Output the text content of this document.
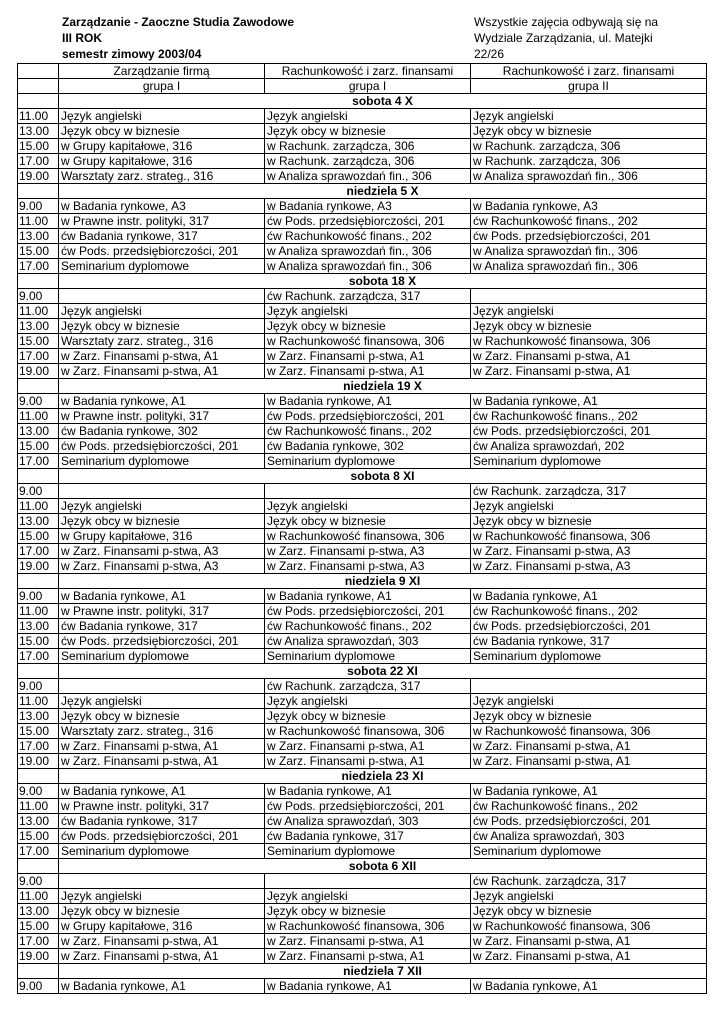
Zarządzanie - Zaoczne Studia Zawodowe
III ROK
semestr zimowy 2003/04
Wszystkie zajęcia odbywają się na
Wydziale Zarządzania, ul. Matejki
22/26
	Zarządzanie firmą	Rachunkowość i zarz. finansami	Rachunkowość i zarz. finansami
	grupa I	grupa I	grupa II
	sobota 4 X		
11.00	Język angielski	Język angielski	Język angielski
13.00	Język obcy w biznesie	Język obcy w biznesie	Język obcy w biznesie
15.00	w Grupy kapitałowe, 316	w Rachunk. zarządcza, 306	w Rachunk. zarządcza, 306
17.00	w Grupy kapitałowe, 316	w Rachunk. zarządcza, 306	w Rachunk. zarządcza, 306
19.00	Warsztaty zarz. strateg., 316	w Analiza sprawozdań fin., 306	w Analiza sprawozdań fin., 306
	niedziela 5 X		
9.00	w Badania rynkowe, A3	w Badania rynkowe, A3	w Badania rynkowe, A3
11.00	w Prawne instr. polityki, 317	ćw Pods. przedsiębiorczości, 201	ćw Rachunkowość finans., 202
13.00	ćw Badania rynkowe, 317	ćw Rachunkowość finans., 202	ćw Pods. przedsiębiorczości, 201
15.00	ćw Pods. przedsiębiorczości, 201	w Analiza sprawozdań fin., 306	w Analiza sprawozdań fin., 306
17.00	Seminarium dyplomowe	w Analiza sprawozdań fin., 306	w Analiza sprawozdań fin., 306
	sobota 18 X		
9.00		ćw Rachunk. zarządcza, 317	
11.00	Język angielski	Język angielski	Język angielski
13.00	Język obcy w biznesie	Język obcy w biznesie	Język obcy w biznesie
15.00	Warsztaty zarz. strateg., 316	w Rachunkowość finansowa, 306	w Rachunkowość finansowa, 306
17.00	w Zarz. Finansami p-stwa, A1	w Zarz. Finansami p-stwa, A1	w Zarz. Finansami p-stwa, A1
19.00	w Zarz. Finansami p-stwa, A1	w Zarz. Finansami p-stwa, A1	w Zarz. Finansami p-stwa, A1
	niedziela 19 X		
9.00	w Badania rynkowe, A1	w Badania rynkowe, A1	w Badania rynkowe, A1
11.00	w Prawne instr. polityki, 317	ćw Pods. przedsiębiorczości, 201	ćw Rachunkowość finans., 202
13.00	ćw Badania rynkowe, 302	ćw Rachunkowość finans., 202	ćw Pods. przedsiębiorczości, 201
15.00	ćw Pods. przedsiębiorczości, 201	ćw Badania rynkowe, 302	ćw Analiza sprawozdań, 202
17.00	Seminarium dyplomowe	Seminarium dyplomowe	Seminarium dyplomowe
	sobota 8 XI		
9.00			ćw Rachunk. zarządcza, 317
11.00	Język angielski	Język angielski	Język angielski
13.00	Język obcy w biznesie	Język obcy w biznesie	Język obcy w biznesie
15.00	w Grupy kapitałowe, 316	w Rachunkowość finansowa, 306	w Rachunkowość finansowa, 306
17.00	w Zarz. Finansami p-stwa, A3	w Zarz. Finansami p-stwa, A3	w Zarz. Finansami p-stwa, A3
19.00	w Zarz. Finansami p-stwa, A3	w Zarz. Finansami p-stwa, A3	w Zarz. Finansami p-stwa, A3
	niedziela 9 XI		
9.00	w Badania rynkowe, A1	w Badania rynkowe, A1	w Badania rynkowe, A1
11.00	w Prawne instr. polityki, 317	ćw Pods. przedsiębiorczości, 201	ćw Rachunkowość finans., 202
13.00	ćw Badania rynkowe, 317	ćw Rachunkowość finans., 202	ćw Pods. przedsiębiorczości, 201
15.00	ćw Pods. przedsiębiorczości, 201	ćw Analiza sprawozdań, 303	ćw Badania rynkowe, 317
17.00	Seminarium dyplomowe	Seminarium dyplomowe	Seminarium dyplomowe
	sobota 22 XI		
9.00		ćw Rachunk. zarządcza, 317	
11.00	Język angielski	Język angielski	Język angielski
13.00	Język obcy w biznesie	Język obcy w biznesie	Język obcy w biznesie
15.00	Warsztaty zarz. strateg., 316	w Rachunkowość finansowa, 306	w Rachunkowość finansowa, 306
17.00	w Zarz. Finansami p-stwa, A1	w Zarz. Finansami p-stwa, A1	w Zarz. Finansami p-stwa, A1
19.00	w Zarz. Finansami p-stwa, A1	w Zarz. Finansami p-stwa, A1	w Zarz. Finansami p-stwa, A1
	niedziela 23 XI		
9.00	w Badania rynkowe, A1	w Badania rynkowe, A1	w Badania rynkowe, A1
11.00	w Prawne instr. polityki, 317	ćw Pods. przedsiębiorczości, 201	ćw Rachunkowość finans., 202
13.00	ćw Badania rynkowe, 317	ćw Analiza sprawozdań, 303	ćw Pods. przedsiębiorczości, 201
15.00	ćw Pods. przedsiębiorczości, 201	ćw Badania rynkowe, 317	ćw Analiza sprawozdań, 303
17.00	Seminarium dyplomowe	Seminarium dyplomowe	Seminarium dyplomowe
	sobota 6 XII		
9.00			ćw Rachunk. zarządcza, 317
11.00	Język angielski	Język angielski	Język angielski
13.00	Język obcy w biznesie	Język obcy w biznesie	Język obcy w biznesie
15.00	w Grupy kapitałowe, 316	w Rachunkowość finansowa, 306	w Rachunkowość finansowa, 306
17.00	w Zarz. Finansami p-stwa, A1	w Zarz. Finansami p-stwa, A1	w Zarz. Finansami p-stwa, A1
19.00	w Zarz. Finansami p-stwa, A1	w Zarz. Finansami p-stwa, A1	w Zarz. Finansami p-stwa, A1
	niedziela 7 XII		
9.00	w Badania rynkowe, A1	w Badania rynkowe, A1	w Badania rynkowe, A1
